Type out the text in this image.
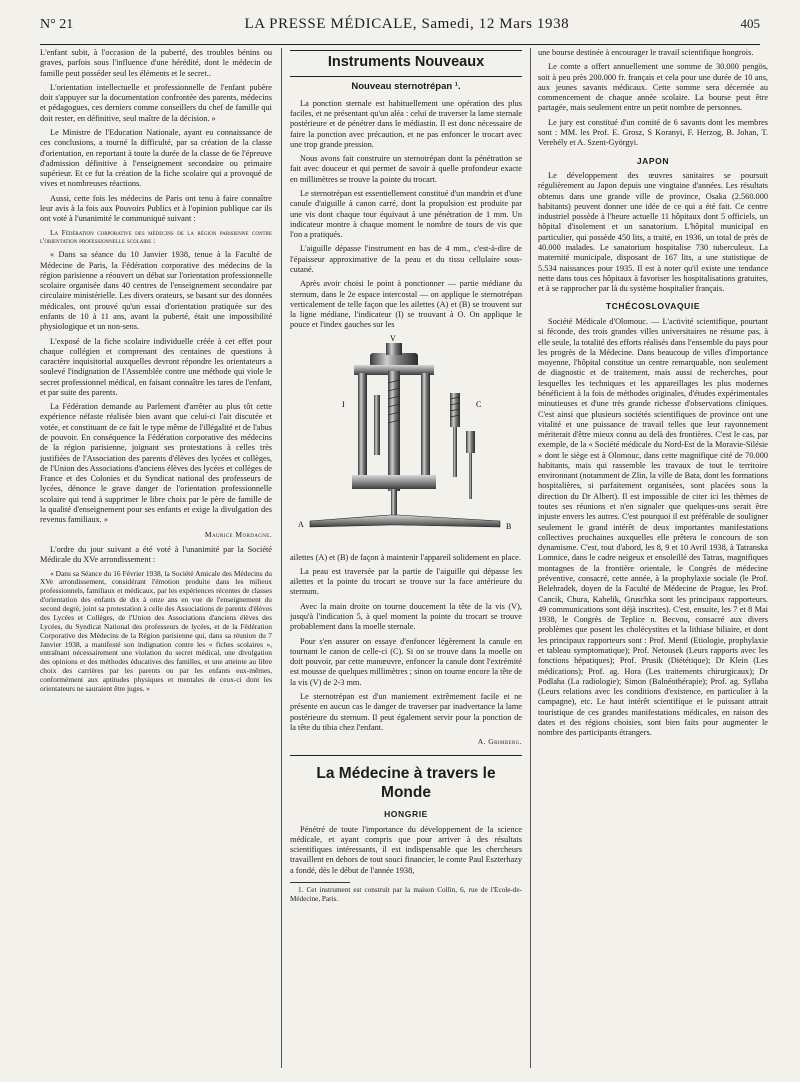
N° 21	LA PRESSE MÉDICALE, Samedi, 12 Mars 1938	405

L'enfant subit, à l'occasion de la puberté, des troubles bénins ou graves, parfois sous l'influence d'une hérédité, dont le médecin de famille peut posséder seul les éléments et le secret..

L'orientation intellectuelle et professionnelle de l'enfant pubère doit s'appuyer sur la documentation confrontée des parents, médecins et pédagogues, ces derniers comme conseillers du chef de famille qui doit rester, en définitive, seul maître de la décision. »

Le Ministre de l'Education Nationale, ayant eu connaissance de ces conclusions, a tourné la difficulté, par sa création de la classe d'orientation, en reportant à toute la durée de la classe de 6e l'épreuve d'admission définitive à l'enseignement secondaire ou primaire supérieur. Et ce fut la création de la fiche scolaire qui a provoqué de vives et nombreuses réactions.

Aussi, cette fois les médecins de Paris ont tenu à faire connaître leur avis à la fois aux Pouvoirs Publics et à l'opinion publique car ils ont voté à l'unanimité le communiqué suivant :

La Fédération corporative des médecins de la région parisienne contre l'orientation professionnelle scolaire :

« Dans sa séance du 10 Janvier 1938, tenue à la Faculté de Médecine de Paris, la Fédération corporative des médecins de la région parisienne a réouvert un débat sur l'orientation professionnelle scolaire organisée dans 40 centres de l'enseignement secondaire par circulaire ministérielle. Les divers orateurs, se basant sur des données médicales, ont prouvé qu'un essai d'orientation pratiquée sur des enfants de 10 à 11 ans, avant la puberté, était une impossibilité physiologique et un non-sens.

L'exposé de la fiche scolaire individuelle créée à cet effet pour chaque collégien et comprenant des centaines de questions à caractère inquisitorial auxquelles devront répondre les orientateurs a soulevé l'indignation de l'Assemblée contre une méthode qui viole le secret professionnel médical, en faisant connaître les tares de l'enfant, et par suite des parents.

La Fédération demande au Parlement d'arrêter au plus tôt cette expérience néfaste réalisée bien avant que celui-ci l'ait discutée et votée, et constituant de ce fait le type même de l'illégalité et de l'abus de pouvoir. En conséquence la Fédération corporative des médecins de la région parisienne, joignant ses protestations à celles très justifiées de l'Association des parents d'élèves des lycées et collèges, de l'Union des Associations d'anciens élèves des lycées et collèges de France et des Colonies et du Syndicat national des professeurs de lycées, dénonce le grave danger de l'orientation professionnelle scolaire qui tend à supprimer le libre choix par le père de famille de la qualité d'enseignement pour ses enfants et exige la divulgation des revenus familiaux. »

Maurice Mordagne.

L'ordre du jour suivant a été voté à l'unanimité par la Société Médicale du XVe arrondissement :

« Dans sa Séance du 16 Février 1938, la Société Amicale des Médecins du XVe arrondissement, considérant l'émotion produite dans les milieux professionnels, familiaux et médicaux, par les expériences récentes de classes d'orientation des enfants de dix à onze ans en vue de l'enseignement du second degré, joint sa protestation à celle des Associations de parents d'élèves des Lycées et Collèges, de l'Union des Associations d'anciens élèves des Lycées, du Syndicat National des professeurs de lycées, et de la Fédération Corporative des Médecins de la Région parisienne qui, dans sa réunion du 7 Janvier 1938, a manifesté son indignation contre les « fiches scolaires », entraînant nécessairement une violation du secret médical, une divulgation des opinions et des méthodes éducatives des familles, et une atteinte au libre choix des carrières par les parents ou par les enfants eux-mêmes, conformément aux aptitudes physiques et mentales de ceux-ci dont les orientateurs ne sauraient être juges. »

Instruments Nouveaux
Nouveau sternotrépan ¹.

La ponction sternale est habituellement une opération des plus faciles, et ne présentant qu'un aléa : celui de traverser la lame sternale postérieure et de pénétrer dans le médiastin. Il est donc nécessaire de faire la ponction avec précaution, et ne pas enfoncer le trocart avec une trop grande pression.

Nous avons fait construire un sternotrépan dont la pénétration se fait avec douceur et qui permet de savoir à quelle profondeur exacte en millimètres se trouve la pointe du trocart.

Le sternotrépan est essentiellement constitué d'un mandrin et d'une canule d'aiguille à canon carré, dont la propulsion est produite par une vis dont chaque tour équivaut à une pénétration de 1 mm. Un indicateur montre à chaque moment le nombre de tours de vis que l'on a pratiqués.

L'aiguille dépasse l'instrument en bas de 4 mm., c'est-à-dire de l'épaisseur approximative de la peau et du tissu cellulaire sous-cutané.

Après avoir choisi le point à ponctionner — partie médiane du sternum, dans le 2e espace intercostal — on applique le sternotrépan verticalement de telle façon que les ailettes (A) et (B) se trouvent sur la ligne médiane, l'indicateur (I) se trouvant à O. On applique le pouce et l'index gauches sur les

V
I	C
A	B

ailettes (A) et (B) de façon à maintenir l'appareil solidement en place.

La peau est traversée par la partie de l'aiguille qui dépasse les ailettes et la pointe du trocart se trouve sur la face antérieure du sternum.

Avec la main droite on tourne doucement la tête de la vis (V), jusqu'à l'indication 5, à quel moment la pointe du trocart se trouve probablement dans la moelle sternale.

Pour s'en assurer on essaye d'enfoncer légèrement la canule en tournant le canon de celle-ci (C). Si on se trouve dans la moelle on doit pouvoir, par cette manœuvre, enfoncer la canule dont l'extrémité est mousse de quelques millimètres ; sinon on tourne encore la tête de la vis (V) de 2-3 mm.

Le sternotrépan est d'un maniement extrêmement facile et ne présente en aucun cas le danger de traverser par inadvertance la lame postérieure du sternum. Il peut également servir pour la ponction de la tête du tibia chez l'enfant.

A. Grimberg.
La Médecine à travers le Monde
HONGRIE

Pénétré de toute l'importance du développement de la science médicale, et ayant compris que pour arriver à des résultats scientifiques intéressants, il est indispensable que les chercheurs travaillent en dehors de tout souci financier, le comte Paul Eszterhazy a fondé, dès le début de l'année 1938,

1. Cet instrument est construit par la maison Collin, 6, rue de l'Ecole-de-Médecine, Paris.

une bourse destinée à encourager le travail scientifique hongrois.

Le comte a offert annuellement une somme de 30.000 pengös, soit à peu près 200.000 fr. français et cela pour une durée de 10 ans, aux jeunes savants médicaux. Cette somme sera décernée au commencement de chaque année scolaire. La bourse peut être partagée, mais seulement entre un petit nombre de personnes.

Le jury est constitué d'un comité de 6 savants dont les membres sont : MM. les Prof. E. Grosz, S Koranyi, F. Herzog, B. Johan, T. Verebély et A. Szent-Györgyi.

JAPON

Le développement des œuvres sanitaires se poursuit régulièrement au Japon depuis une vingtaine d'années. Les résultats obtenus dans une grande ville de province, Osaka (2.560.000 habitants) peuvent donner une idée de ce qui a été fait. Ce centre industriel possède à l'heure actuelle 11 hôpitaux dont 5 officiels, un hôpital d'isolement et un sanatorium. L'hôpital municipal en particulier, qui possède 450 lits, a traité, en 1936, un total de près de 40.000 malades. Le sanatorium hospitalise 730 tuberculeux. La maternité municipale, disposant de 167 lits, a une statistique de 5.534 naissances pour 1935. Il est à noter qu'il existe une tendance nette dans tous ces hôpitaux à favoriser les hospitalisations gratuites, et à se rapprocher par là du système hospitalier français.

TCHÉCOSLOVAQUIE

Société Médicale d'Olomouc. — L'activité scientifique, pourtant si féconde, des trois grandes villes universitaires ne résume pas, à elle seule, la totalité des efforts réalisés dans l'ensemble du pays pour les progrès de la Médecine. Dans beaucoup de villes d'importance moyenne, l'hôpital constitue un centre remarquable, non seulement de diagnostic et de traitement, mais aussi de recherches, pour lesquelles les techniques et les appareillages les plus modernes bénéficient à la fois de méthodes originales, d'études expérimentales minutieuses et d'une très grande richesse d'observations cliniques. C'est ainsi que plusieurs sociétés scientifiques de province ont une vitalité et une puissance de travail telles que leur rayonnement mériterait d'être mieux connu au delà des frontières. C'est le cas, par exemple, de la « Société médicale du Nord-Est de la Moravie-Silésie » dont le siège est à Olomouc, dans cette magnifique cité de 70.000 habitants, mais qui rassemble les travaux de tout le territoire environnant (notamment de Zlin, la ville de Bata, dont les formations hospitalières, si parfaitement organisées, sont placées sous la direction du Dr Albert). Il est impossible de citer ici les thèmes de toutes ses réunions et n'en signaler que quelques-uns serait être injuste envers les autres. C'est pourquoi il est préférable de souligner seulement le grand intérêt de deux importantes manifestations collectives prochaines auxquelles elle prêtera le concours de son dynamisme. C'est, tout d'abord, les 8, 9 et 10 Avril 1938, à Tatranska Lomnice, dans le cadre neigeux et ensoleillé des Tatras, magnifiques montagnes de la frontière orientale, le Congrès de médecine préventive, consacré, cette année, à la prophylaxie sociale (le Prof. Belehradek, doyen de la Faculté de Médecine de Prague, les Prof. Cancik, Chura, Kabelik, Gruschka sont les principaux rapporteurs. 49 communications sont déjà inscrites). C'est, ensuite, les 7 et 8 Mai 1938, le Congrès de Teplice n. Becvou, consacré aux divers problèmes que posent les cholécystites et la lithiase biliaire, et dont les principaux rapporteurs sont : Prof. Mentl (Etiologie, prophylaxie et tableau symptomatique); Prof. Netousek (Leurs rapports avec les fonctions hépatiques); Prof. Prusik (Diététique); Dr Klein (Les médications); Prof. ag. Hora (Les traitements chirurgicaux); Dr Podlaha (La radiologie); Simon (Balnéothérapie); Prof. ag. Syllaba (Leurs relations avec les conditions d'existence, en particulier à la campagne), etc. Le haut intérêt scientifique et le puissant attrait touristique de ces grandes manifestations médicales, en raison des dates et des régions choisies, sont bien faits pour augmenter le nombre des participants étrangers.
